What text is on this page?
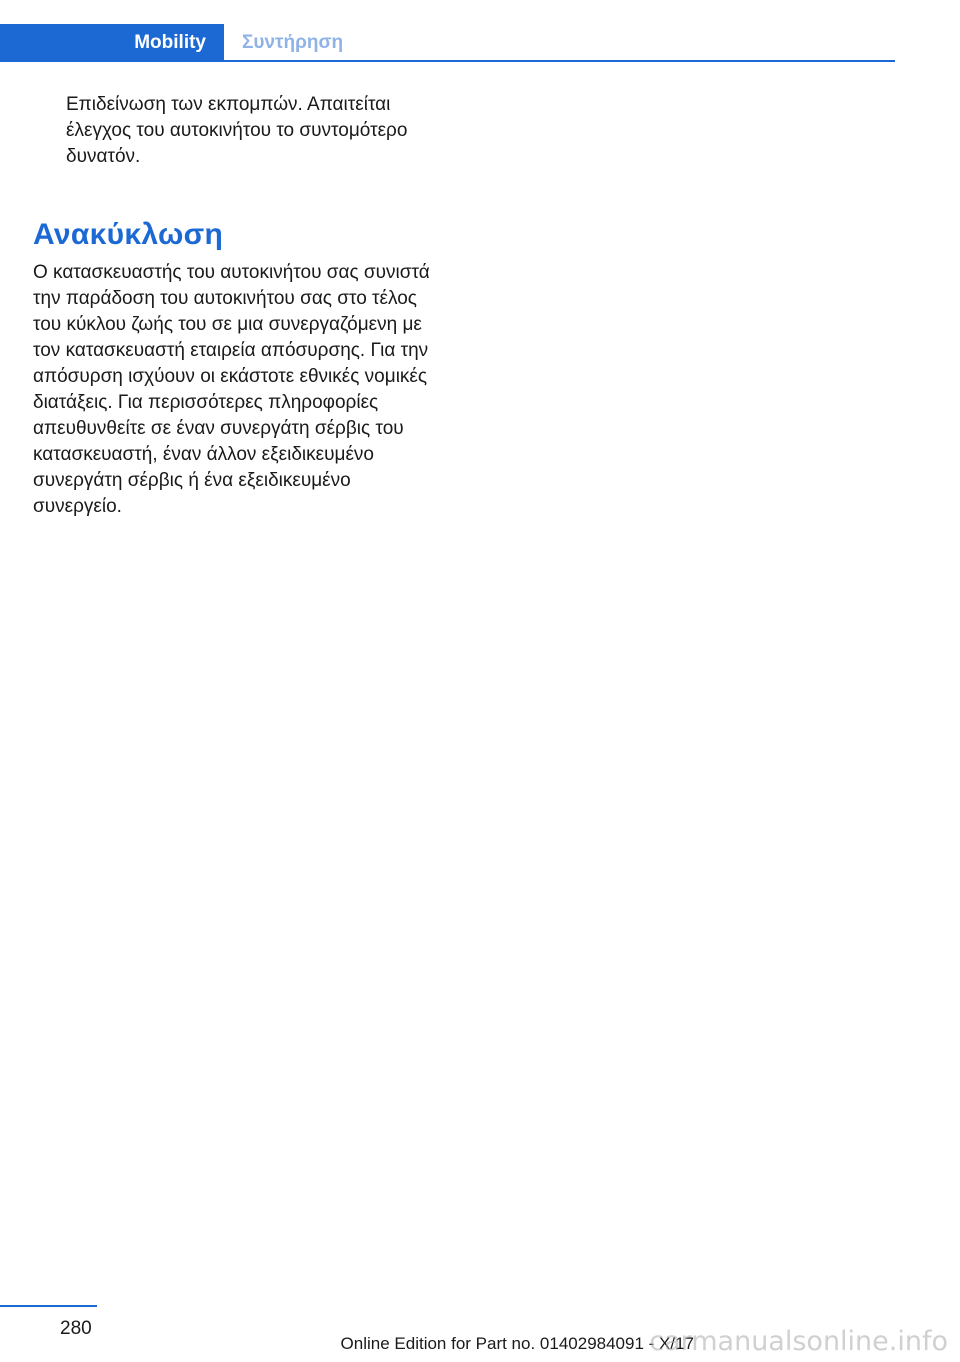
Mobility Συντήρηση

Επιδείνωση των εκπομπών. Απαιτείται έλεγχος του αυτοκινήτου το συντομότερο δυνατόν.

Ανακύκλωση

Ο κατασκευαστής του αυτοκινήτου σας συνιστά την παράδοση του αυτοκινήτου σας στο τέλος του κύκλου ζωής του σε μια συνεργαζόμενη με τον κατασκευαστή εταιρεία απόσυρσης. Για την απόσυρση ισχύουν οι εκάστοτε εθνικές νομικές διατάξεις. Για περισσότερες πληροφορίες απευθυνθείτε σε έναν συνεργάτη σέρβις του κατασκευαστή, έναν άλλον εξειδικευμένο συνεργάτη σέρβις ή ένα εξειδικευμένο συνεργείο.

280
Online Edition for Part no. 01402984091 - X/17
carmanualsonline.info
